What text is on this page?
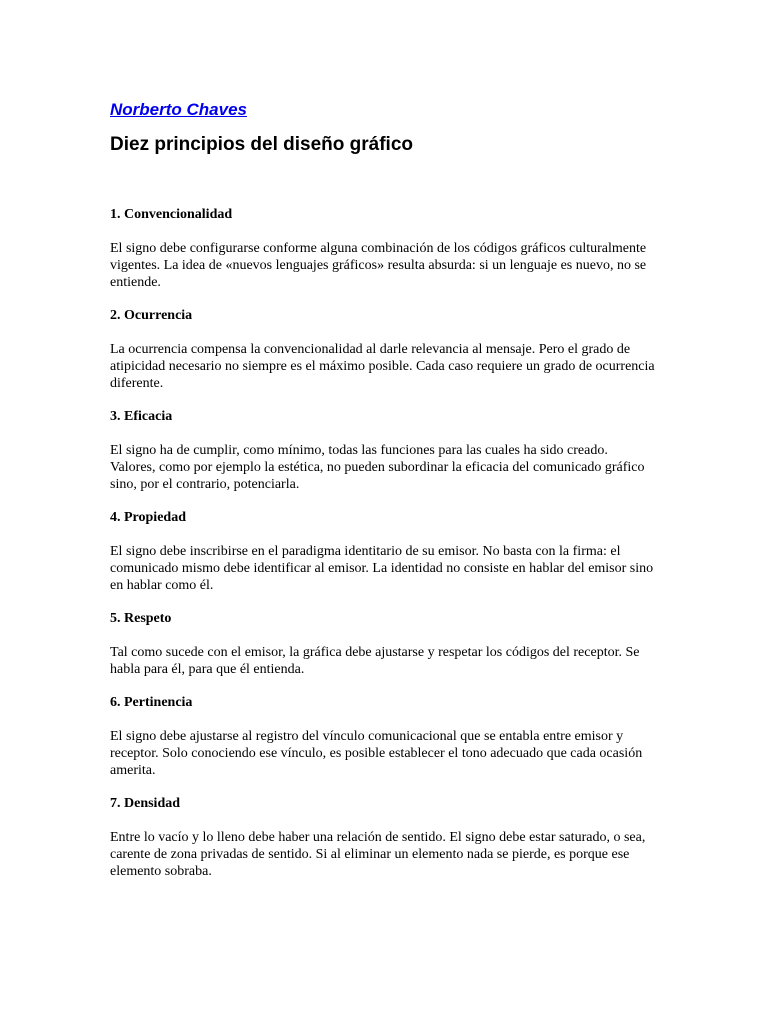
Norberto Chaves
Diez principios del diseño gráfico

1. Convencionalidad

El signo debe configurarse conforme alguna combinación de los códigos gráficos culturalmente vigentes. La idea de «nuevos lenguajes gráficos» resulta absurda: si un lenguaje es nuevo, no se entiende.

2. Ocurrencia

La ocurrencia compensa la convencionalidad al darle relevancia al mensaje. Pero el grado de atipicidad necesario no siempre es el máximo posible. Cada caso requiere un grado de ocurrencia diferente.

3. Eficacia

El signo ha de cumplir, como mínimo, todas las funciones para las cuales ha sido creado. Valores, como por ejemplo la estética, no pueden subordinar la eficacia del comunicado gráfico sino, por el contrario, potenciarla.

4. Propiedad

El signo debe inscribirse en el paradigma identitario de su emisor. No basta con la firma: el comunicado mismo debe identificar al emisor. La identidad no consiste en hablar del emisor sino en hablar como él.

5. Respeto

Tal como sucede con el emisor, la gráfica debe ajustarse y respetar los códigos del receptor. Se habla para él, para que él entienda.

6. Pertinencia

El signo debe ajustarse al registro del vínculo comunicacional que se entabla entre emisor y receptor. Solo conociendo ese vínculo, es posible establecer el tono adecuado que cada ocasión amerita.

7. Densidad

Entre lo vacío y lo lleno debe haber una relación de sentido. El signo debe estar saturado, o sea, carente de zona privadas de sentido. Si al eliminar un elemento nada se pierde, es porque ese elemento sobraba.
